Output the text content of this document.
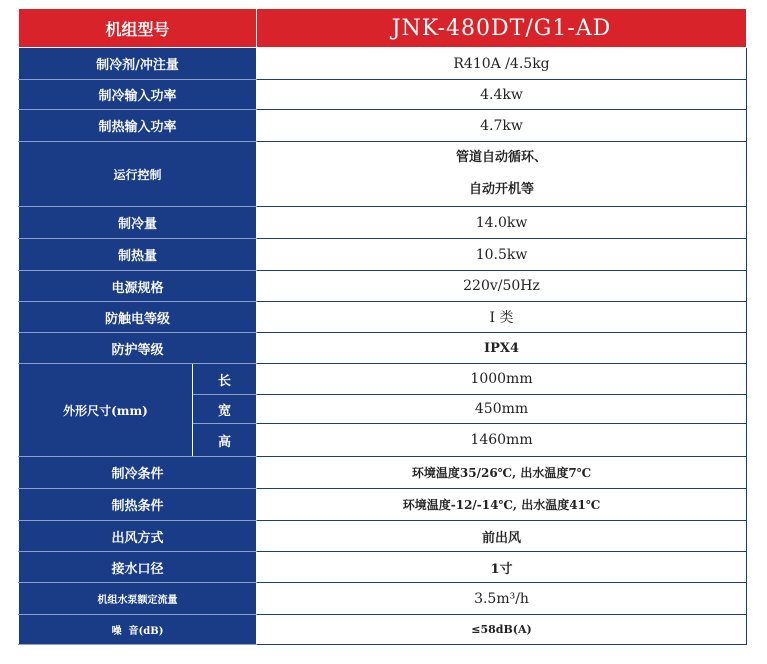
机组型号		JNK-480DT/G1-AD
制冷剂/冲注量		R410A /4.5kg
制冷输入功率		4.4kw
制热输入功率		4.7kw
运行控制		管道自动循环、
自动开机等

制冷量		14.0kw
制热量		10.5kw
电源规格		220v/50Hz
防触电等级		I 类
防护等级		IPX4
外形尺寸(mm)	长	1000mm
	宽	450mm
	高	1460mm
制冷条件		环境温度35/26℃, 出水温度7℃
制热条件		环境温度-12/-14℃, 出水温度41℃
出风方式		前出风
接水口径		1寸
机组水泵额定流量		3.5m³/h
噪  音(dB)		≤58dB(A)
